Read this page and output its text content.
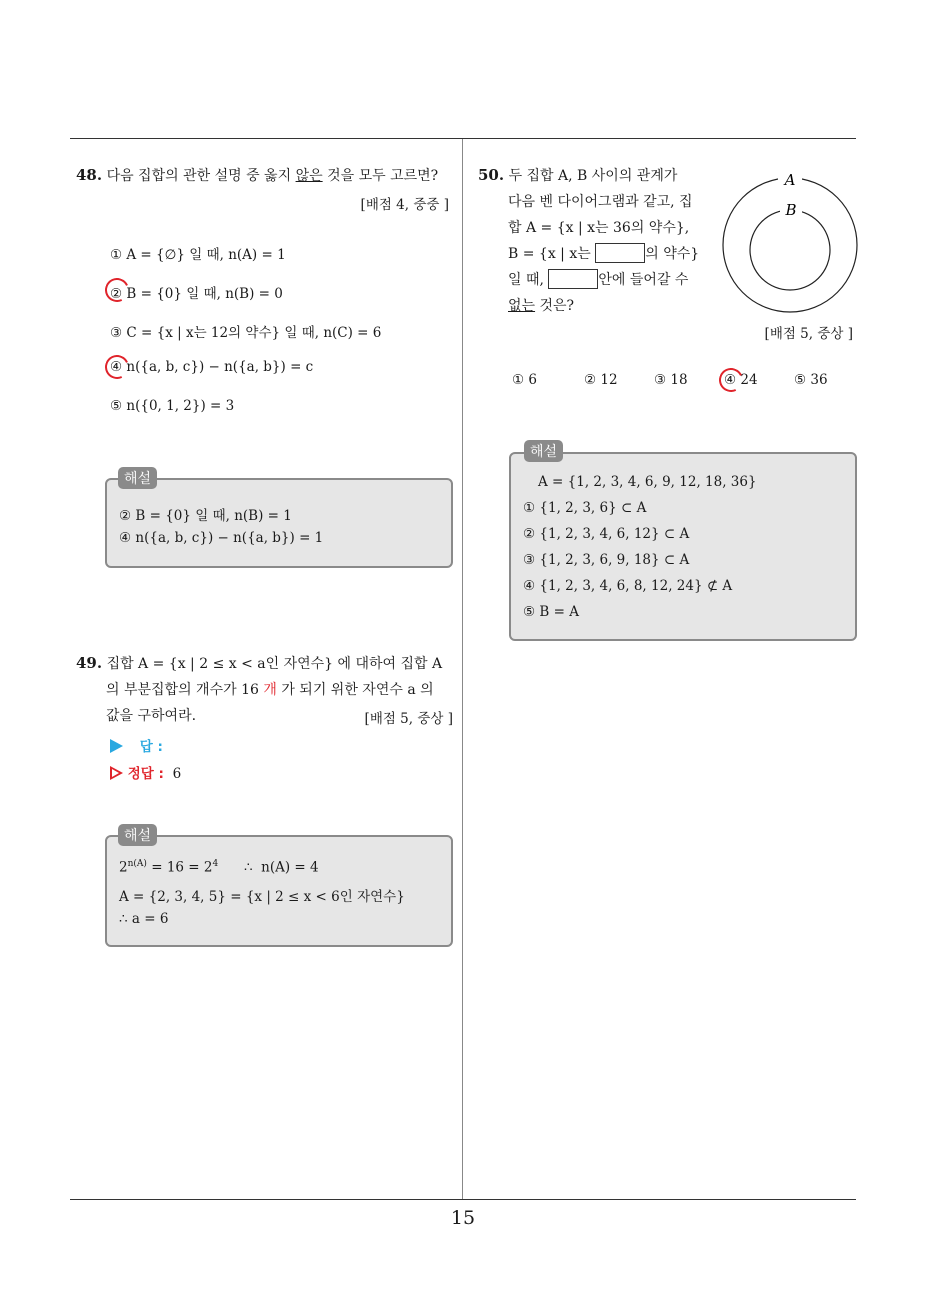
48. 다음 집합의 관한 설명 중 옳지 않은 것을 모두 고르면?
[배점 4, 중중 ]
① A = {∅} 일 때, n(A) = 1
② B = {0} 일 때, n(B) = 0
③ C = {x | x는 12의 약수} 일 때, n(C) = 6
④ n({a, b, c}) − n({a, b}) = c
⑤ n({0, 1, 2}) = 3
② B = {0} 일 때, n(B) = 1
④ n({a, b, c}) − n({a, b}) = 1
해설
49. 집합 A = {x | 2 ≤ x < a인 자연수} 에 대하여 집합 A
의 부분집합의 개수가 16 개 가 되기 위한 자연수 a 의
값을 구하여라.	[배점 5, 중상 ]
답 :
정답 : 6
$2^{n(A)} = 16 = 2^4$      ∴  n(A) = 4
A = {2, 3, 4, 5} = {x | 2 ≤ x < 6인 자연수}
∴ a = 6
해설
50. 두 집합 A, B 사이의 관계가
다음 벤 다이어그램과 같고, 집
합 A = {x | x는 36의 약수},
B = {x | x는	의 약수}
일 때,	안에 들어갈 수
없는 것은?
A
B
[배점 5, 중상 ]
① 6	② 12	③ 18	④ 24	⑤ 36
A = {1, 2, 3, 4, 6, 9, 12, 18, 36}
① {1, 2, 3, 6} ⊂ A
② {1, 2, 3, 4, 6, 12} ⊂ A
③ {1, 2, 3, 6, 9, 18} ⊂ A
④ {1, 2, 3, 4, 6, 8, 12, 24} ⊄ A
⑤ B = A
해설
15
